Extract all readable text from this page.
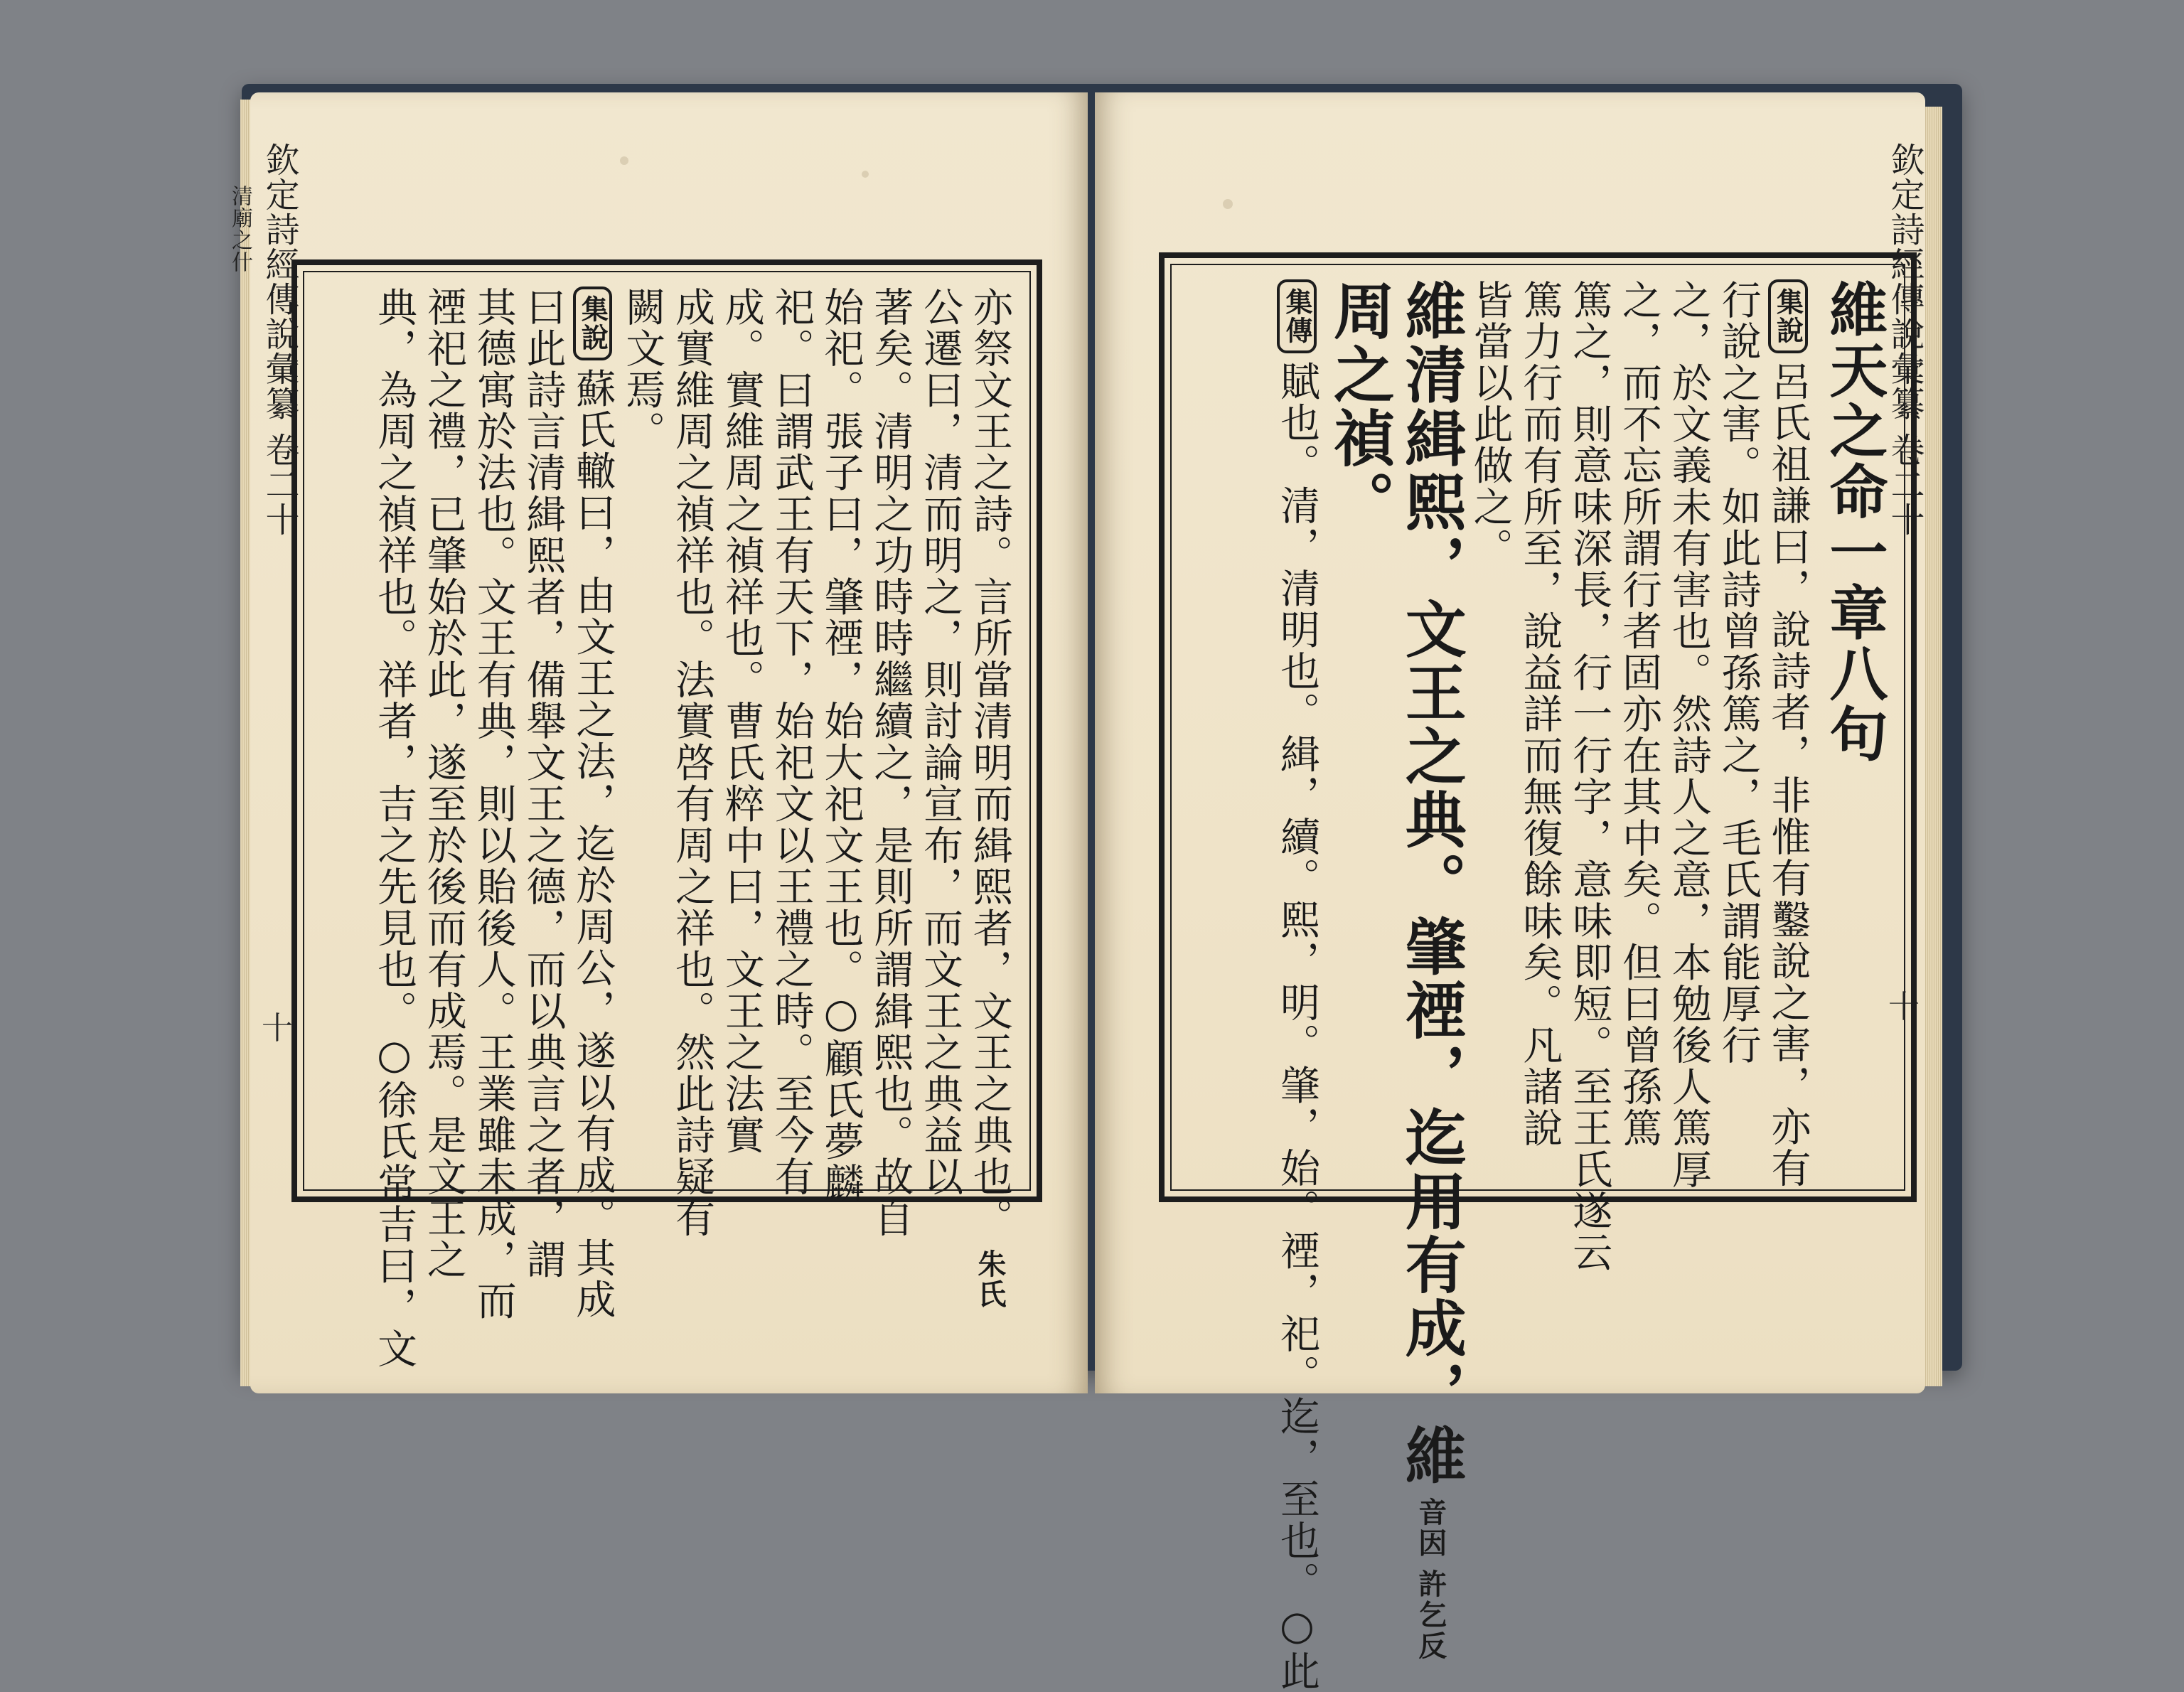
欽定詩經傳說彙纂 卷二十
清廟之什
十	亦祭文王之詩。言所當清明而緝熙者，文王之典也。朱氏
公遷曰，清而明之，則討論宣布，而文王之典益以
著矣。清明之功時時繼續之，是則所謂緝熙也。故自
始祀。張子曰，肇禋，始大祀文王也。○顧氏夢麟
祀。曰謂武王有天下，始祀文以王禮之時。至今有
成。實維周之禎祥也。曹氏粹中曰，文王之法實
成實維周之禎祥也。法實啓有周之祥也。然此詩疑有
闕文焉。
集說蘇氏轍曰，由文王之法，迄於周公，遂以有成。其成
曰此詩言清緝熙者，備舉文王之德，而以典言之者，謂
其德寓於法也。文王有典，則以貽後人。王業雖未成，而
禋祀之禮，已肇始於此，遂至於後而有成焉。是文王之
典，為周之禎祥也。祥者，吉之先見也。○徐氏常吉曰，文	欽定詩經傳說彙纂 卷二十
十
維天之命一章八句
集說呂氏祖謙曰，說詩者，非惟有鑿說之害，亦有
行說之害。如此詩曾孫篤之，毛氏謂能厚行
之，於文義未有害也。然詩人之意，本勉後人篤厚
之，而不忘所謂行者固亦在其中矣。但曰曾孫篤
篤之，則意味深長，行一行字，意味即短。至王氏遂云
篤力行而有所至，說益詳而無復餘味矣。凡諸說
皆當以此做之。
維清緝熙，文王之典。肇禋，迄用有成，維音因許乞反
周之禎。
集傳賦也。清，清明也。緝，續。熙，明。肇，始。禋，祀。迄，至也。○此
